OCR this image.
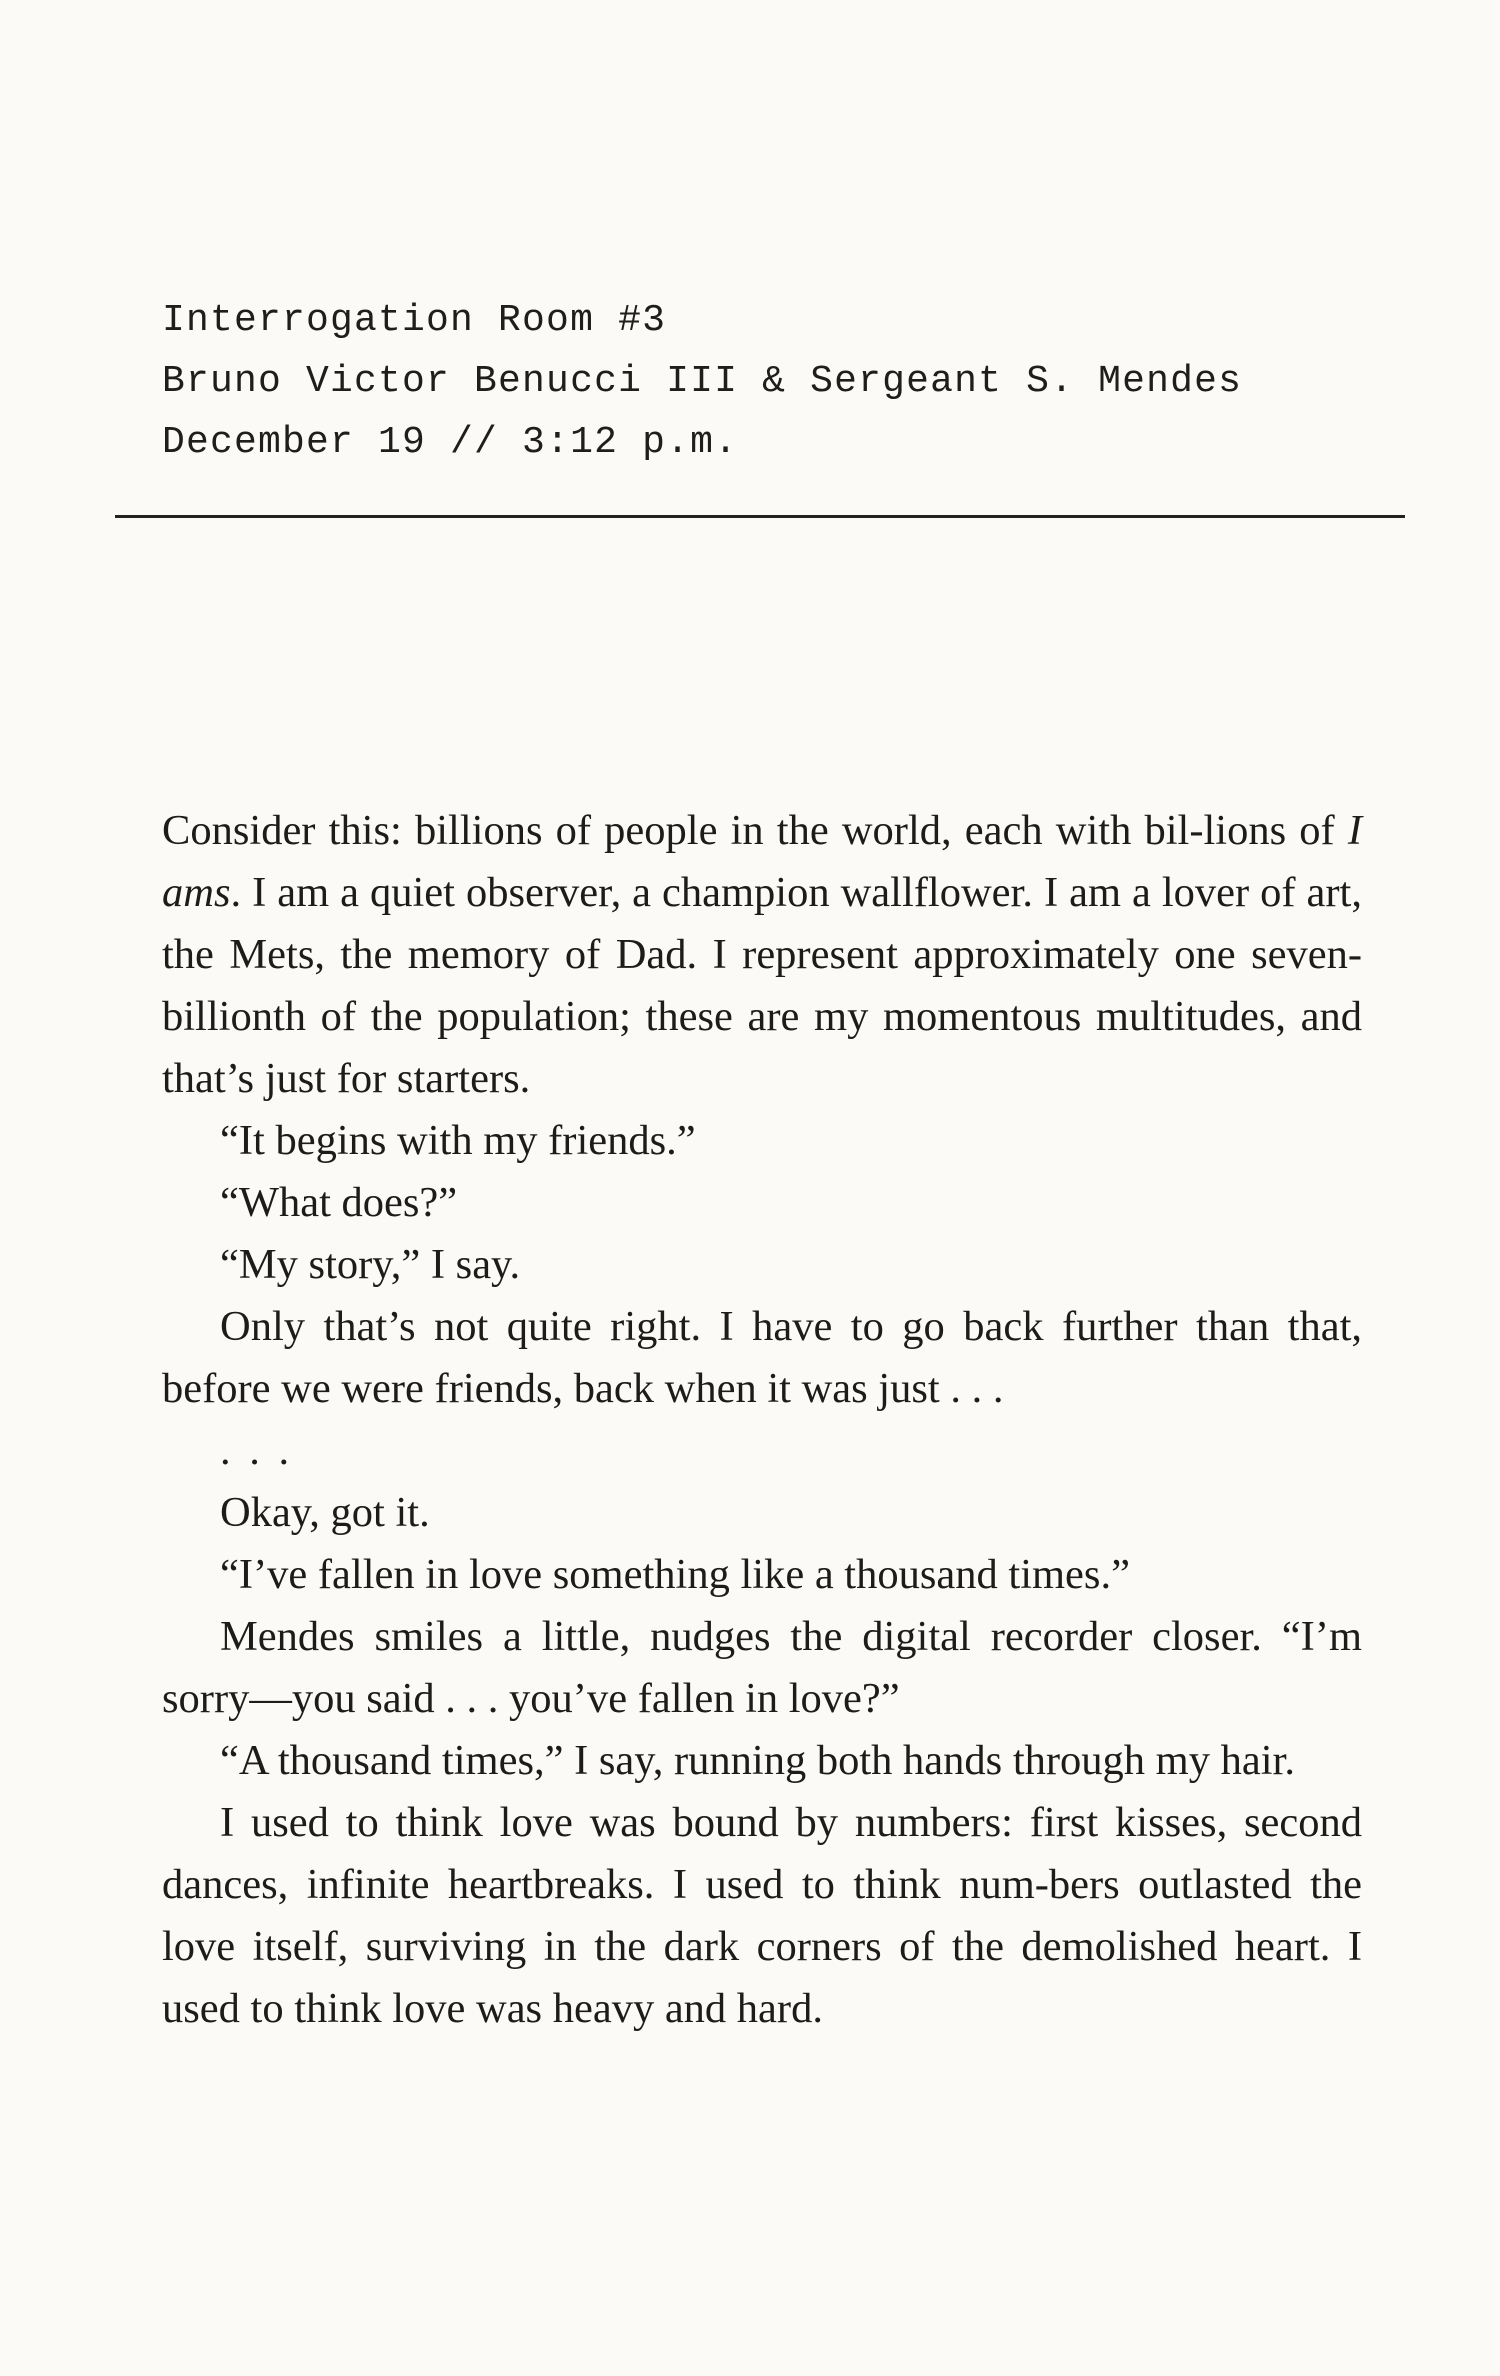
Interrogation Room #3
Bruno Victor Benucci III & Sergeant S. Mendes
December 19 // 3:12 p.m.

Consider this: billions of people in the world, each with bil-lions of I ams. I am a quiet observer, a champion wallflower. I am a lover of art, the Mets, the memory of Dad. I represent approximately one seven-billionth of the population; these are my momentous multitudes, and that’s just for starters.

“It begins with my friends.”

“What does?”

“My story,” I say.

Only that’s not quite right. I have to go back further than that, before we were friends, back when it was just . . .

. . .

Okay, got it.

“I’ve fallen in love something like a thousand times.”

Mendes smiles a little, nudges the digital recorder closer. “I’m sorry—you said . . . you’ve fallen in love?”

“A thousand times,” I say, running both hands through my hair.

I used to think love was bound by numbers: first kisses, second dances, infinite heartbreaks. I used to think num-bers outlasted the love itself, surviving in the dark corners of the demolished heart. I used to think love was heavy and hard.
